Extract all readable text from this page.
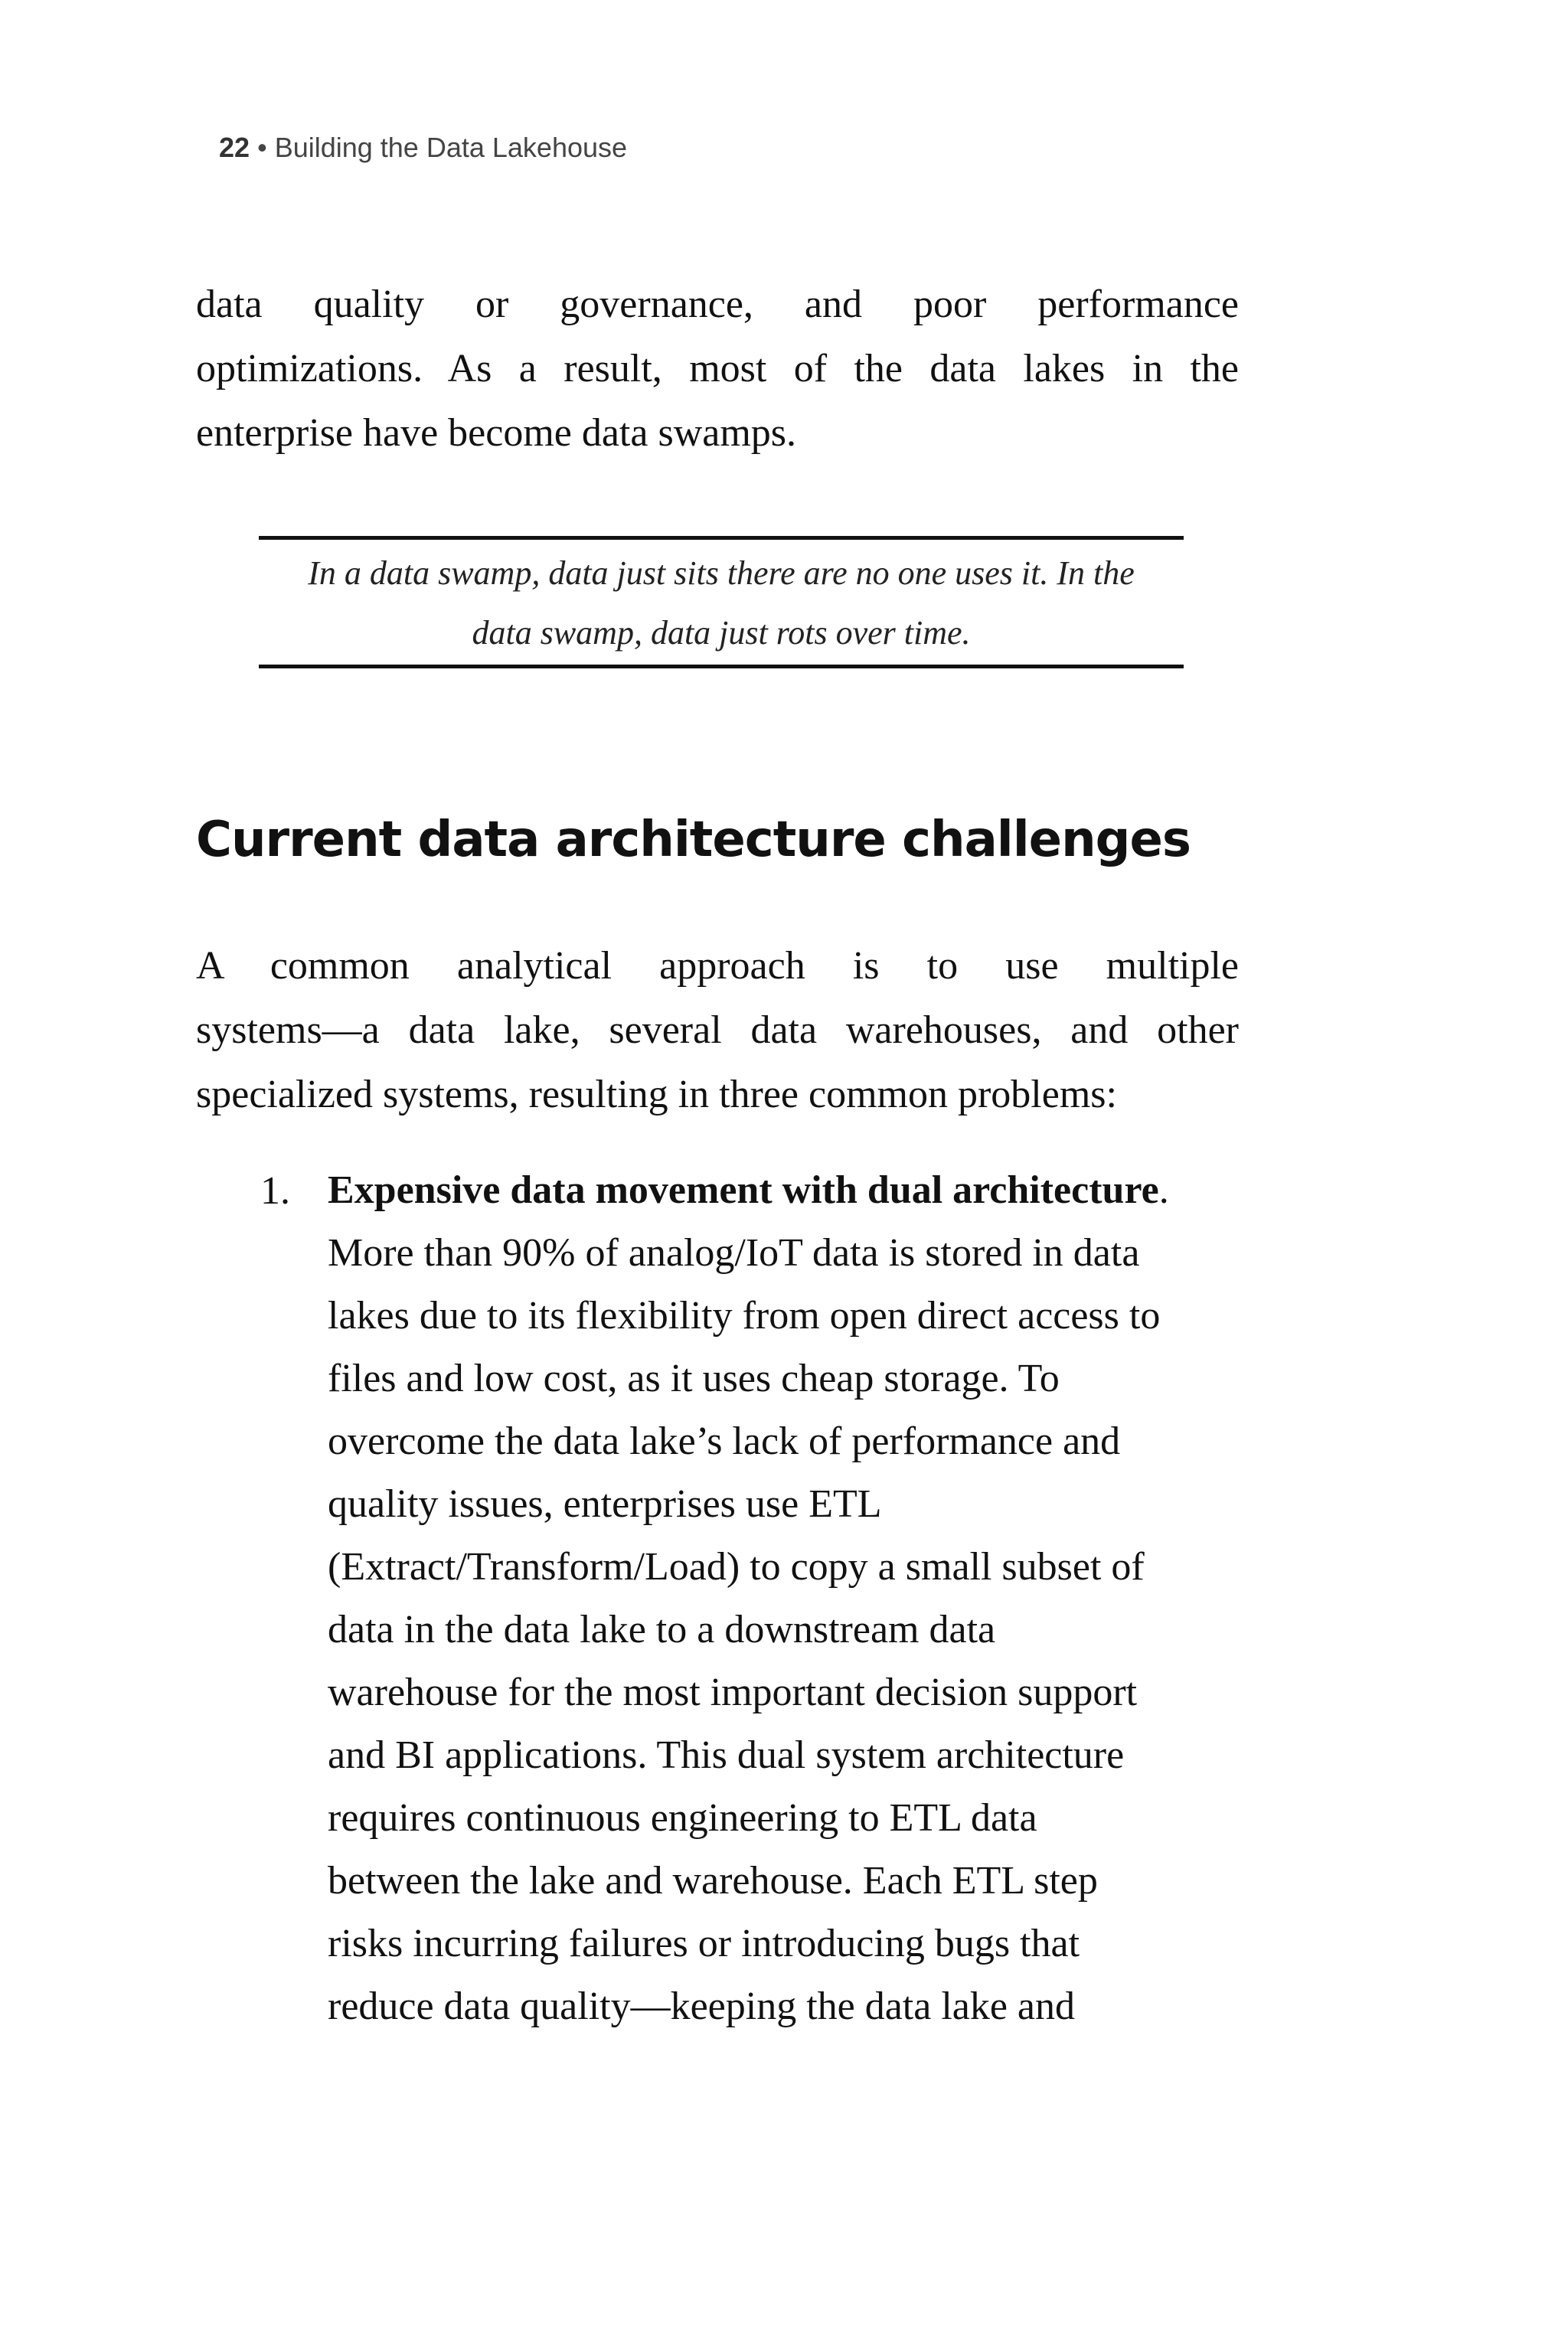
22 • Building the Data Lakehouse
data quality or governance, and poor performance
optimizations. As a result, most of the data lakes in the
enterprise have become data swamps.
In a data swamp, data just sits there are no one uses it. In the
data swamp, data just rots over time.
Current data architecture challenges
A common analytical approach is to use multiple
systems—a data lake, several data warehouses, and other
specialized systems, resulting in three common problems:
1. Expensive data movement with dual architecture.
More than 90% of analog/IoT data is stored in data
lakes due to its flexibility from open direct access to
files and low cost, as it uses cheap storage. To
overcome the data lake’s lack of performance and
quality issues, enterprises use ETL
(Extract/Transform/Load) to copy a small subset of
data in the data lake to a downstream data
warehouse for the most important decision support
and BI applications. This dual system architecture
requires continuous engineering to ETL data
between the lake and warehouse. Each ETL step
risks incurring failures or introducing bugs that
reduce data quality—keeping the data lake and
